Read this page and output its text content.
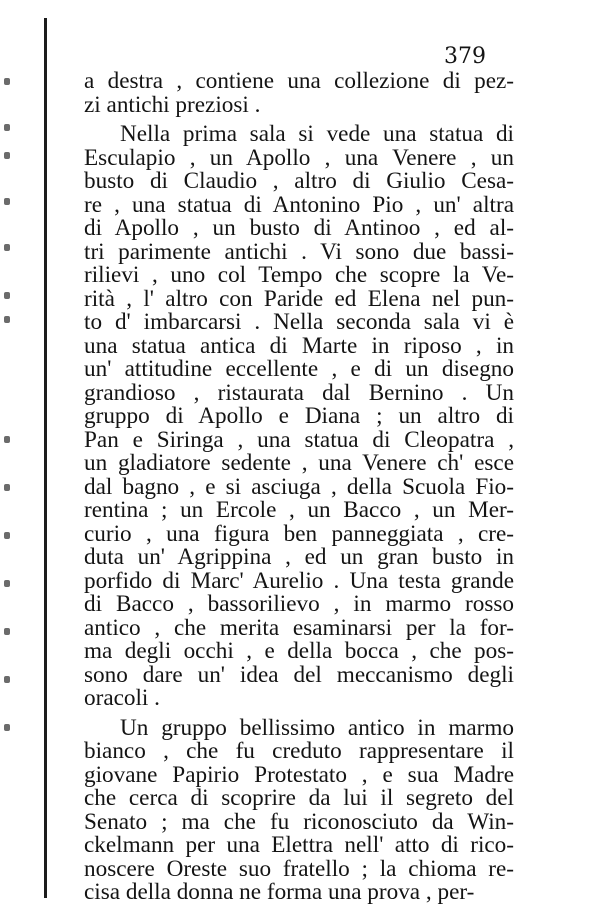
379

a destra , contiene una collezione di pez-
zi antichi preziosi .
Nella prima sala si vede una statua di
Esculapio , un Apollo , una Venere , un
busto di Claudio , altro di Giulio Cesa-
re , una statua di Antonino Pio , un' altra
di Apollo , un busto di Antinoo , ed al-
tri parimente antichi . Vi sono due bassi-
rilievi , uno col Tempo che scopre la Ve-
rità , l' altro con Paride ed Elena nel pun-
to d' imbarcarsi . Nella seconda sala vi è
una statua antica di Marte in riposo , in
un' attitudine eccellente , e di un disegno
grandioso , ristaurata dal Bernino . Un
gruppo di Apollo e Diana ; un altro di
Pan e Siringa , una statua di Cleopatra ,
un gladiatore sedente , una Venere ch' esce
dal bagno , e si asciuga , della Scuola Fio-
rentina ; un Ercole , un Bacco , un Mer-
curio , una figura ben panneggiata , cre-
duta un' Agrippina , ed un gran busto in
porfido di Marc' Aurelio . Una testa grande
di Bacco , bassorilievo , in marmo rosso
antico , che merita esaminarsi per la for-
ma degli occhi , e della bocca , che pos-
sono dare un' idea del meccanismo degli
oracoli .
Un gruppo bellissimo antico in marmo
bianco , che fu creduto rappresentare il
giovane Papirio Protestato , e sua Madre
che cerca di scoprire da lui il segreto del
Senato ; ma che fu riconosciuto da Win-
ckelmann per una Elettra nell' atto di rico-
noscere Oreste suo fratello ; la chioma re-
cisa della donna ne forma una prova , per-
